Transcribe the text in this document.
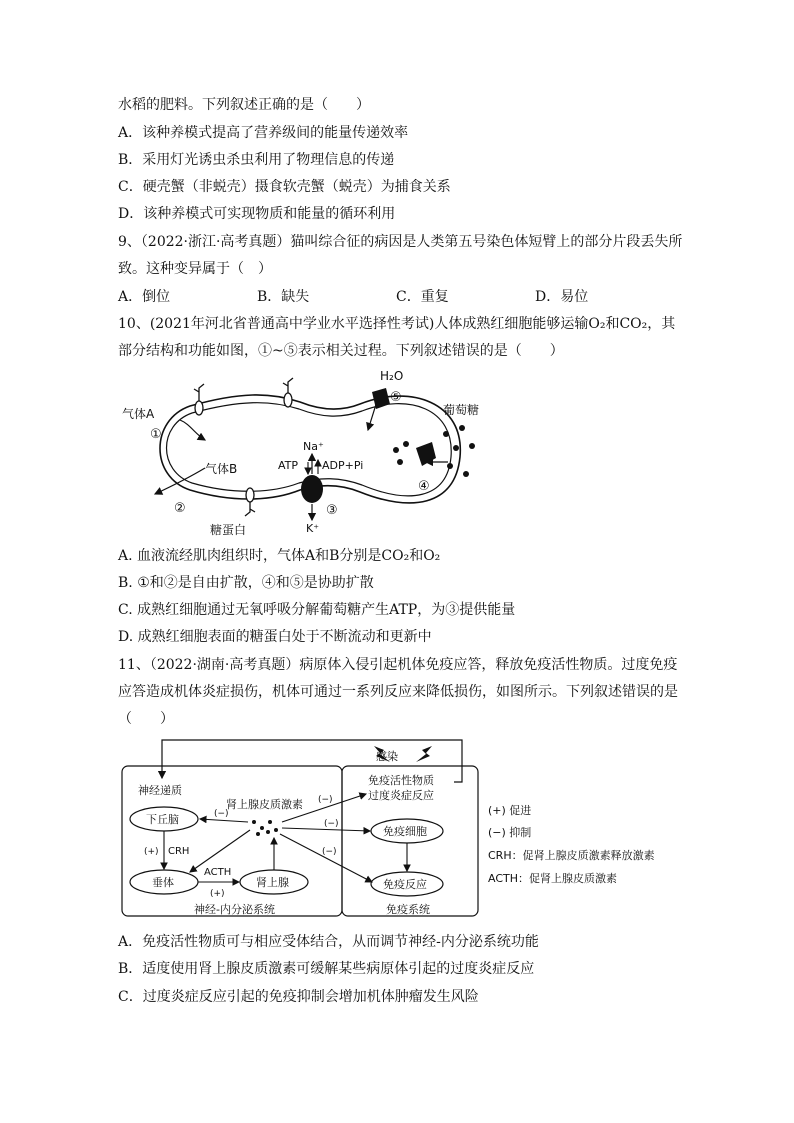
水稻的肥料。下列叙述正确的是（　　）
A．该种养模式提高了营养级间的能量传递效率
B．采用灯光诱虫杀虫利用了物理信息的传递
C．硬壳蟹（非蜕壳）摄食软壳蟹（蜕壳）为捕食关系
D．该种养模式可实现物质和能量的循环利用
9、（2022·浙江·高考真题）猫叫综合征的病因是人类第五号染色体短臂上的部分片段丢失所
致。这种变异属于（　）
A．倒位	B．缺失	C．重复	D．易位
10、(2021年河北省普通高中学业水平选择性考试)人体成熟红细胞能够运输O₂和CO₂，其
部分结构和功能如图，①~⑤表示相关过程。下列叙述错误的是（　　）
气体A
①
气体B
②
糖蛋白
H₂O
⑤
葡萄糖
④
Na⁺
ATP ADP+Pi
③
K⁺
A. 血液流经肌肉组织时，气体A和B分别是CO₂和O₂
B. ①和②是自由扩散，④和⑤是协助扩散
C. 成熟红细胞通过无氧呼吸分解葡萄糖产生ATP，为③提供能量
D. 成熟红细胞表面的糖蛋白处于不断流动和更新中
11、（2022·湖南·高考真题）病原体入侵引起机体免疫应答，释放免疫活性物质。过度免疫
应答造成机体炎症损伤，机体可通过一系列反应来降低损伤，如图所示。下列叙述错误的是
（　　）
感染
免疫活性物质
过度炎症反应
神经递质
肾上腺皮质激素
下丘脑
垂体	肾上腺
免疫细胞
免疫反应
CRH
(+)
ACTH
(+)
(−)
(−)
(−)
(−)
神经-内分泌系统	免疫系统
(+) 促进
(−) 抑制
CRH：促肾上腺皮质激素释放激素
ACTH：促肾上腺皮质激素
A．免疫活性物质可与相应受体结合，从而调节神经-内分泌系统功能
B．适度使用肾上腺皮质激素可缓解某些病原体引起的过度炎症反应
C．过度炎症反应引起的免疫抑制会增加机体肿瘤发生风险
